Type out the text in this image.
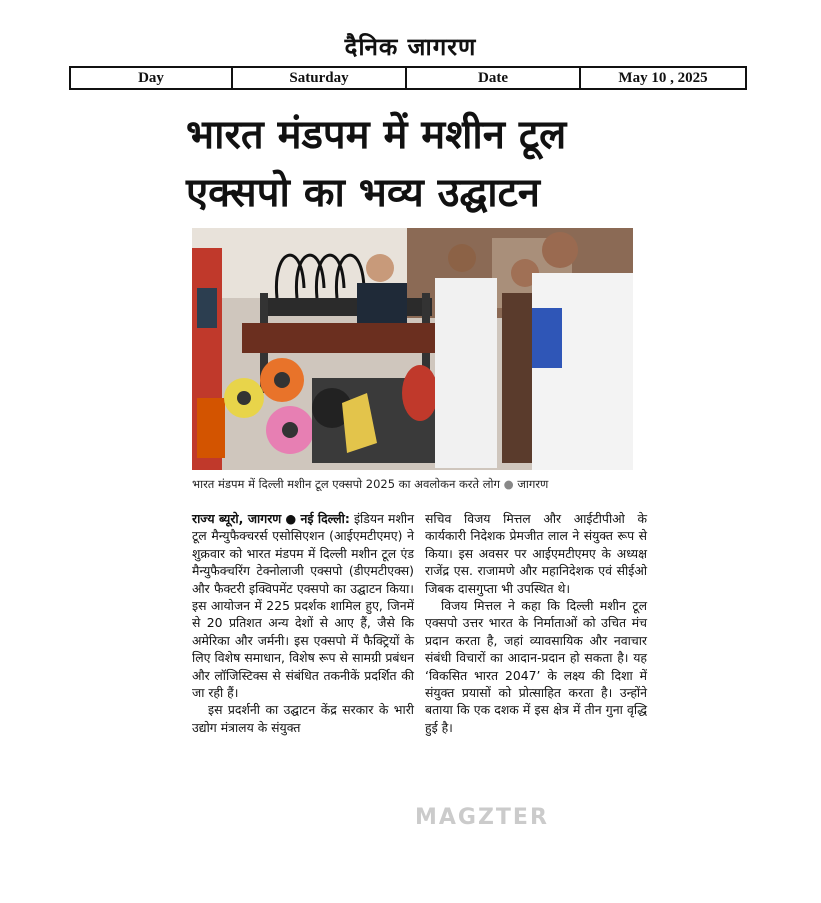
दैनिक जागरण
Day	Saturday	Date	May 10 , 2025
भारत मंडपम में मशीन टूल
एक्सपो का भव्य उद्घाटन
भारत मंडपम में दिल्ली मशीन टूल एक्सपो 2025 का अवलोकन करते लोग ● जागरण

राज्य ब्यूरो, जागरण ● नई दिल्ली: इंडियन मशीन टूल मैन्युफैक्चरर्स एसोसिएशन (आईएमटीएमए) ने शुक्रवार को भारत मंडपम में दिल्ली मशीन टूल एंड मैन्युफैक्चरिंग टेक्नोलाजी एक्सपो (डीएमटीएक्स) और फैक्टरी इक्विपमेंट एक्सपो का उद्घाटन किया। इस आयोजन में 225 प्रदर्शक शामिल हुए, जिनमें से 20 प्रतिशत अन्य देशों से आए हैं, जैसे कि अमेरिका और जर्मनी। इस एक्सपो में फैक्ट्रियों के लिए विशेष समाधान, विशेष रूप से सामग्री प्रबंधन और लॉजिस्टिक्स से संबंधित तकनीकें प्रदर्शित की जा रही हैं।

इस प्रदर्शनी का उद्घाटन केंद्र सरकार के भारी उद्योग मंत्रालय के संयुक्त

सचिव विजय मित्तल और आईटीपीओ के कार्यकारी निदेशक प्रेमजीत लाल ने संयुक्त रूप से किया। इस अवसर पर आईएमटीएमए के अध्यक्ष राजेंद्र एस. राजामणे और महानिदेशक एवं सीईओ जिबक दासगुप्ता भी उपस्थित थे।

विजय मित्तल ने कहा कि दिल्ली मशीन टूल एक्सपो उत्तर भारत के निर्माताओं को उचित मंच प्रदान करता है, जहां व्यावसायिक और नवाचार संबंधी विचारों का आदान-प्रदान हो सकता है। यह ‘विकसित भारत 2047’ के लक्ष्य की दिशा में संयुक्त प्रयासों को प्रोत्साहित करता है। उन्होंने बताया कि एक दशक में इस क्षेत्र में तीन गुना वृद्धि हुई है।

MAGZTER
